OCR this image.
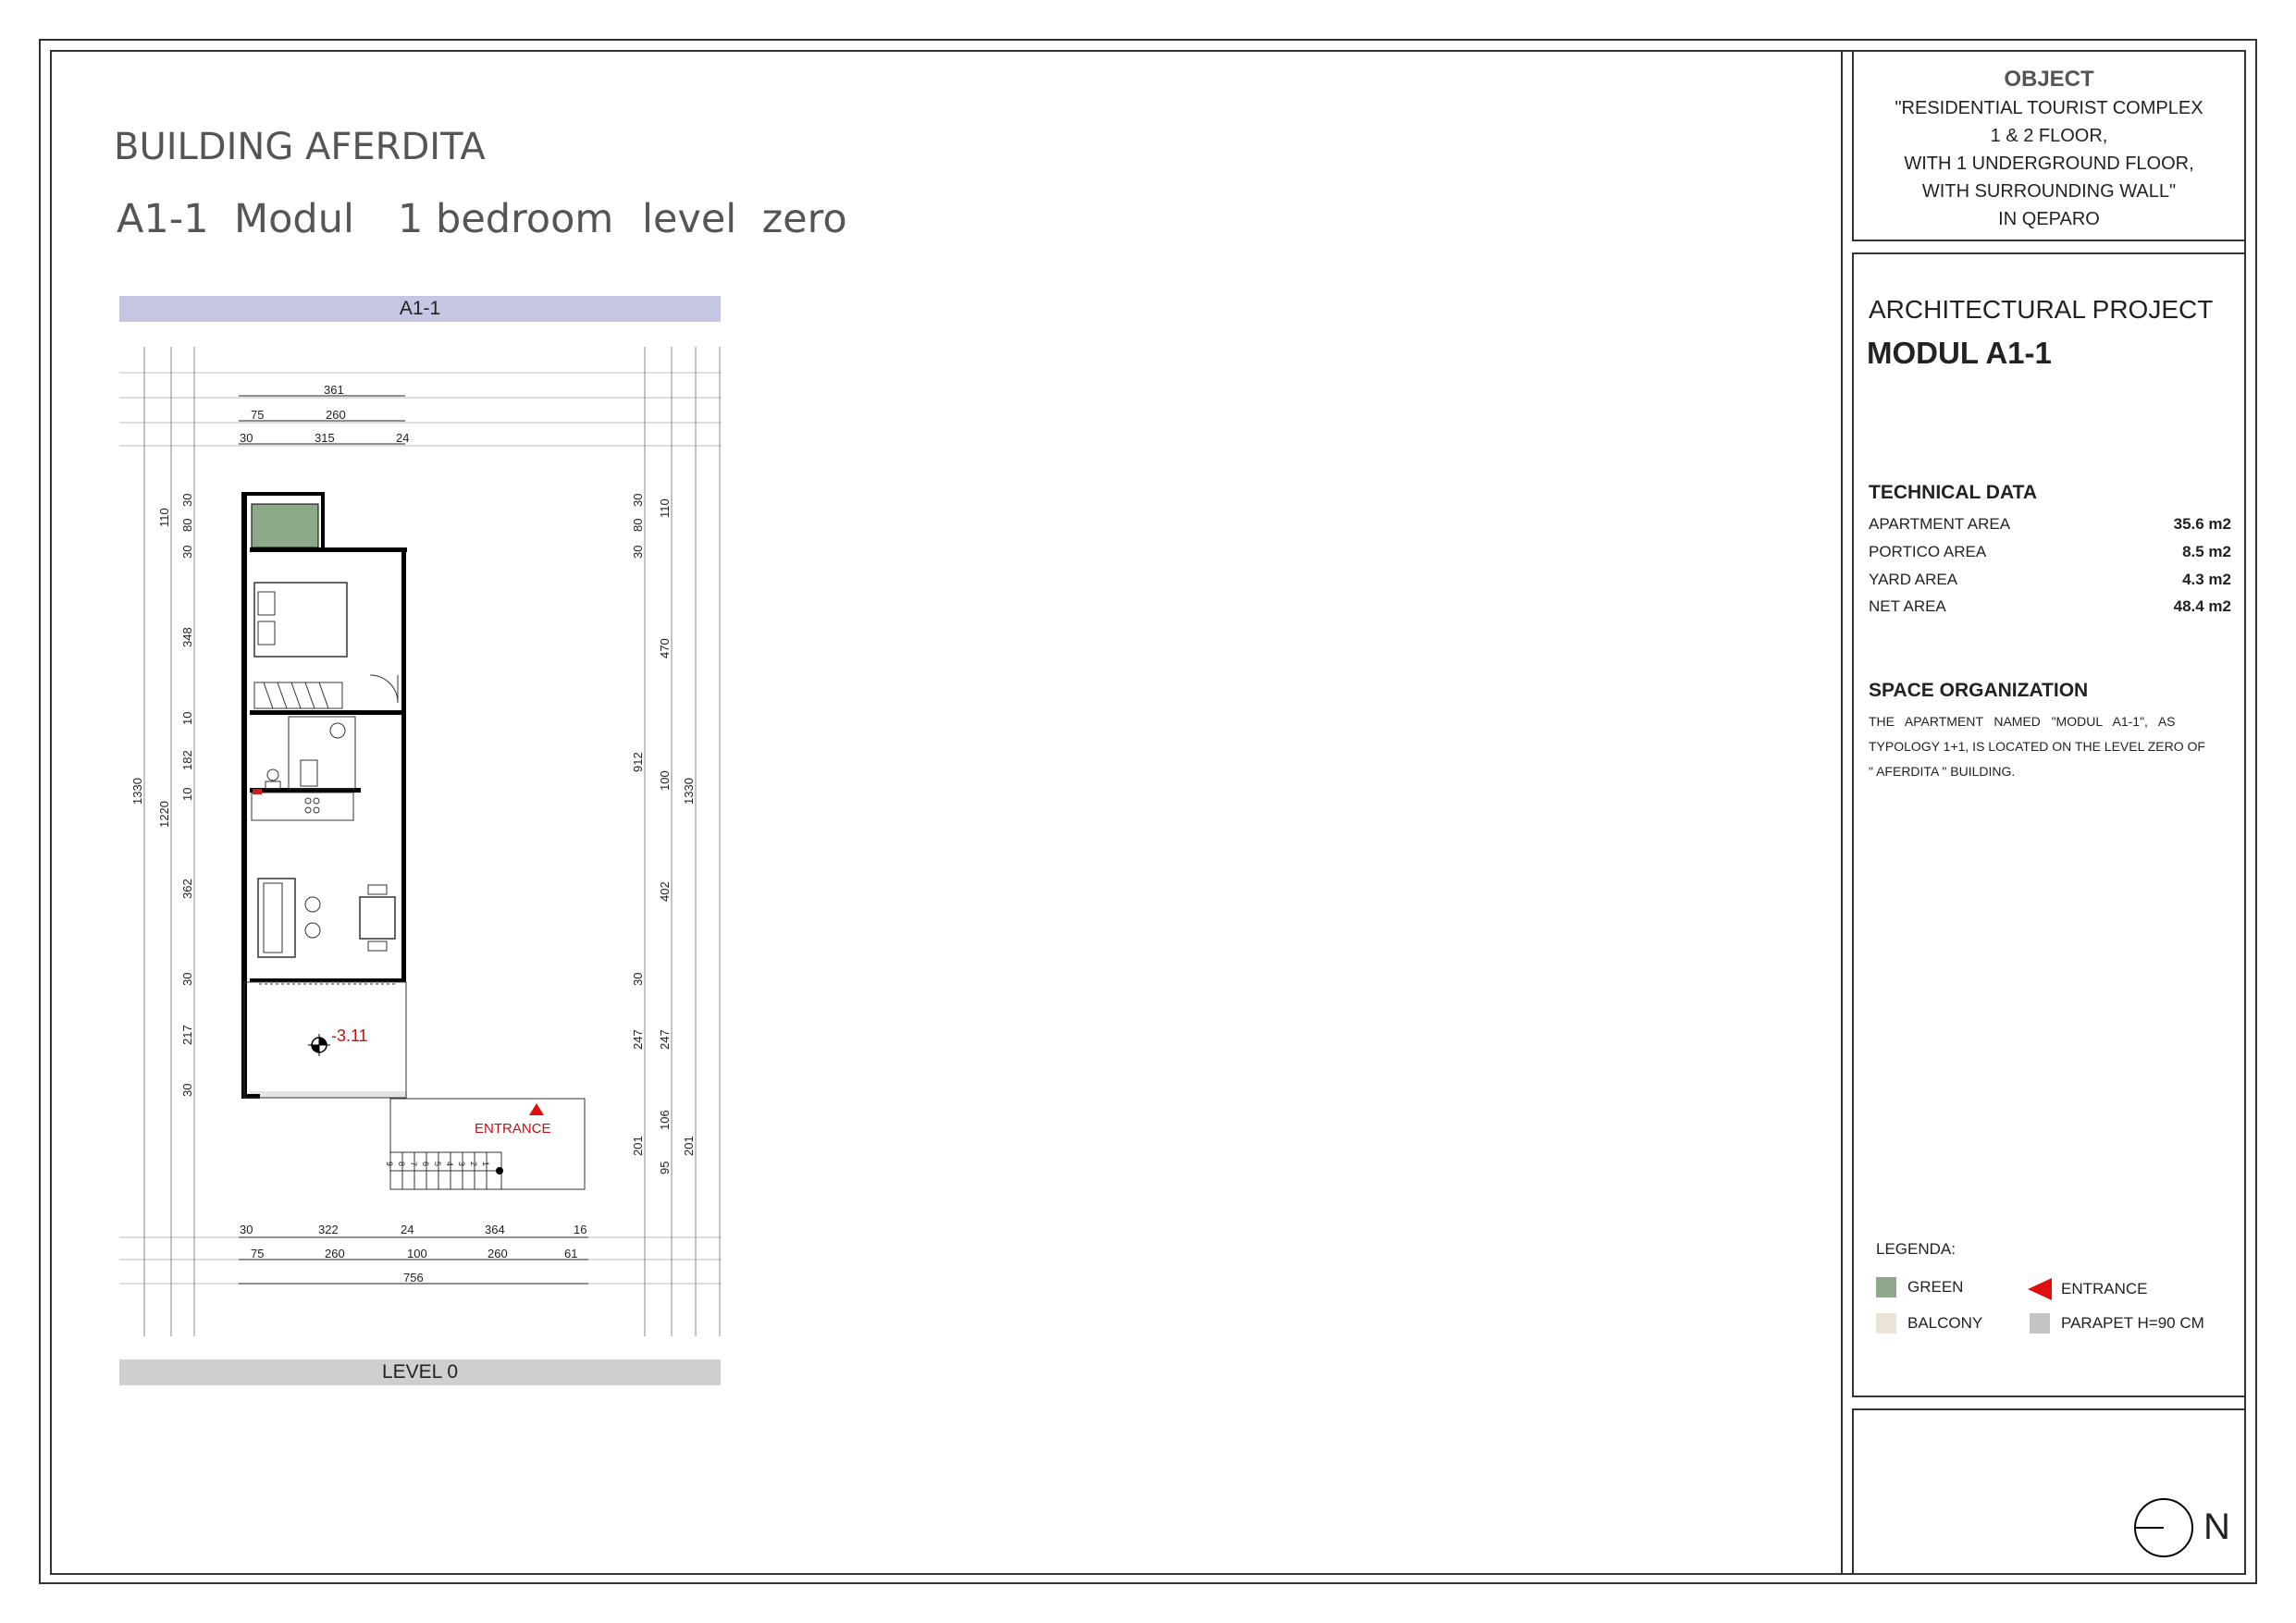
BUILDING AFERDITA
A1-1  Modul 1 bedroom level  zero
A1-1
LEVEL 0
361
75	260
30	315	24
30	322	24	364	16
75	260	100	260	61
756
1330
1220
110
30
80
30
348
10
182
10
362
30
217
30
30
80
30
470
100
402
30
247
106
95
110
912
247
201
1330
201
-3.11
ENTRANCE
9 8 7 6 5 4 3 2 1
OBJECT
"RESIDENTIAL TOURIST COMPLEX
1 & 2 FLOOR,
WITH 1 UNDERGROUND FLOOR,
WITH SURROUNDING WALL"
IN QEPARO
ARCHITECTURAL PROJECT
MODUL A1-1
TECHNICAL DATA
APARTMENT AREA	35.6 m2
PORTICO AREA	8.5 m2
YARD AREA	4.3 m2
NET AREA	48.4 m2
SPACE ORGANIZATION
THE   APARTMENT   NAMED   "MODUL   A1-1",   AS
TYPOLOGY 1+1, IS LOCATED ON THE LEVEL ZERO OF
" AFERDITA " BUILDING.
LEGENDA:
GREEN	ENTRANCE
BALCONY	PARAPET H=90 CM
N
